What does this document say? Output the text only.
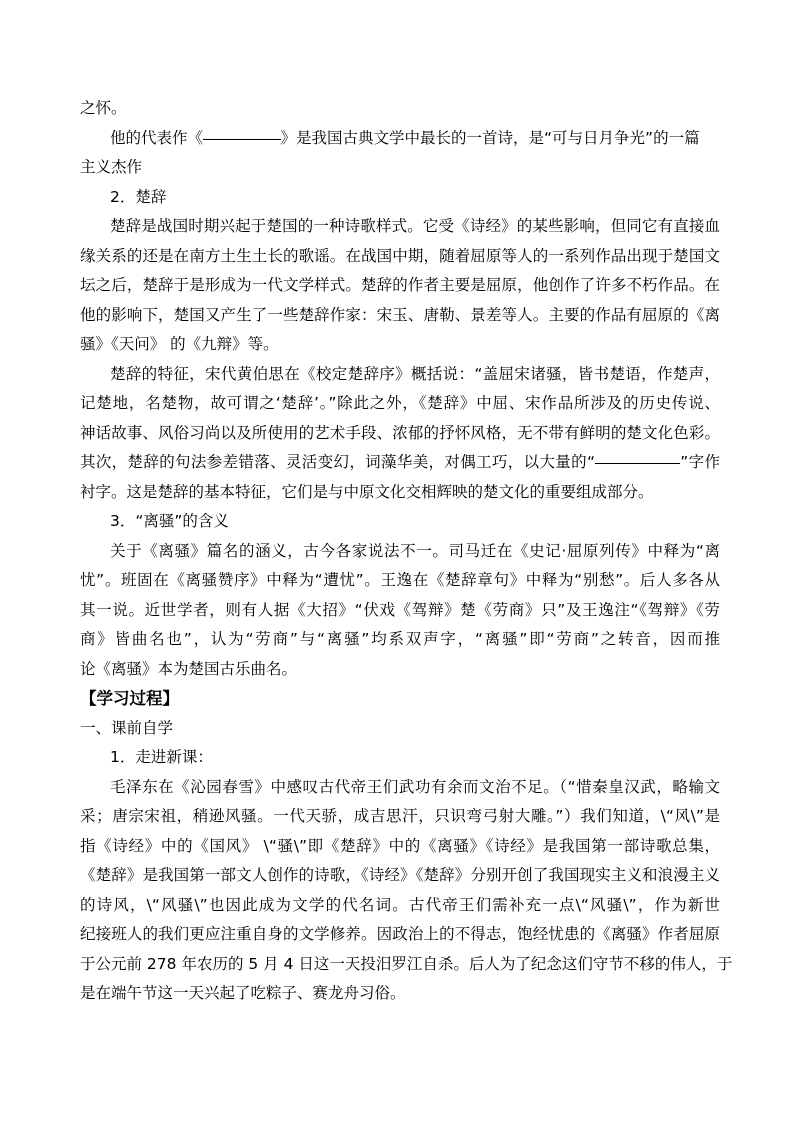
之怀。
他的代表作《	》是我国古典文学中最长的一首诗，是“可与日月争光”的一篇
主义杰作
2．楚辞
楚辞是战国时期兴起于楚国的一种诗歌样式。它受《诗经》的某些影响，但同它有直接血
缘关系的还是在南方土生土长的歌谣。在战国中期，随着屈原等人的一系列作品出现于楚国文
坛之后，楚辞于是形成为一代文学样式。楚辞的作者主要是屈原，他创作了许多不朽作品。在
他的影响下，楚国又产生了一些楚辞作家：宋玉、唐勒、景差等人。主要的作品有屈原的《离
骚》《天问》 的《九辩》等。
楚辞的特征，宋代黄伯思在《校定楚辞序》概括说：“盖屈宋诸骚，皆书楚语，作楚声，
记楚地，名楚物，故可谓之‘楚辞’。”除此之外，《楚辞》中屈、宋作品所涉及的历史传说、
神话故事、风俗习尚以及所使用的艺术手段、浓郁的抒怀风格，无不带有鲜明的楚文化色彩。
其次，楚辞的句法参差错落、灵活变幻，词藻华美，对偶工巧，以大量的“	”字作
衬字。这是楚辞的基本特征，它们是与中原文化交相辉映的楚文化的重要组成部分。
3．“离骚”的含义
关于《离骚》篇名的涵义，古今各家说法不一。司马迁在《史记·屈原列传》中释为“离
忧”。班固在《离骚赞序》中释为“遭忧”。王逸在《楚辞章句》中释为“别愁”。后人多各从
其一说。近世学者，则有人据《大招》“伏戏《驾辩》楚《劳商》只”及王逸注“《驾辩》《劳
商》皆曲名也”，认为“劳商”与“离骚”均系双声字，“离骚”即“劳商”之转音，因而推
论《离骚》本为楚国古乐曲名。
【学习过程】
一、课前自学
1．走进新课：
毛泽东在《沁园春雪》中感叹古代帝王们武功有余而文治不足。（“惜秦皇汉武，略输文
采；唐宗宋祖，稍逊风骚。一代天骄，成吉思汗，只识弯弓射大雕。”）我们知道，\“风\”是
指《诗经》中的《国风》 \“骚\”即《楚辞》中的《离骚》《诗经》是我国第一部诗歌总集，
《楚辞》是我国第一部文人创作的诗歌，《诗经》《楚辞》分别开创了我国现实主义和浪漫主义
的诗风，\“风骚\”也因此成为文学的代名词。古代帝王们需补充一点\“风骚\”，作为新世
纪接班人的我们更应注重自身的文学修养。因政治上的不得志，饱经忧患的《离骚》作者屈原
于公元前 278 年农历的 5 月 4 日这一天投汨罗江自杀。后人为了纪念这们守节不移的伟人，于
是在端午节这一天兴起了吃粽子、赛龙舟习俗。
